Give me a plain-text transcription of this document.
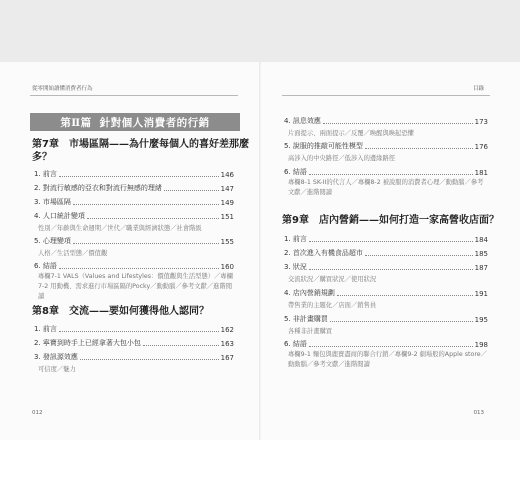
從零開始讀懂消費者行為
第Ⅱ篇 針對個人消費者的行銷
第7章　市場區隔——為什麼每個人的喜好差那麼
多？
1. 前言	146
2. 對流行敏感的亞衣和對流行無感的理緒	147
3. 市場區隔	149
4. 人口統計變項	151
性別／年齡與生命週期／世代／職業與經濟狀態／社會階級
5. 心理變項	155
人格／生活型態／價值觀
6. 結語	160
專欄7-1 VALS（Values and Lifestyles：價值觀與生活型態）／專欄7-2 用動機、需求進行市場區隔的Pocky／動動腦／參考文獻／進階閱讀
第8章　交流——要如何獲得他人認同？
1. 前言	162
2. 寧寶到時手上已經拿著大包小包	163
3. 發訊源效應	167
可信度／魅力
012
目錄
4. 訊息效應	173
片面提示、兩面提示／反覆／喚醒與喚起恐懼
5. 說服的推敲可能性模型	176
高涉入的中央路徑／低涉入的邊緣路徑
6. 結語	181
專欄8-1 SK-II的代言人／專欄8-2 被說服的消費者心理／動動腦／參考文獻／進階閱讀
第9章　店內營銷——如何打造一家高營收店面？
1. 前言	184
2. 首次進入有機食品超市	185
3. 狀況	187
交流狀況／購買狀況／使用狀況
4. 店內營銷規劃	191
帶售業的主題化／店面／銷售員
5. 非計畫購買	195
各種非計畫購買
6. 結語	198
專欄9-1 麵包與鹿寶盡商的聯合行銷／專欄9-2 劇場般的Apple store／動動腦／參考文獻／進階閱讀
013
